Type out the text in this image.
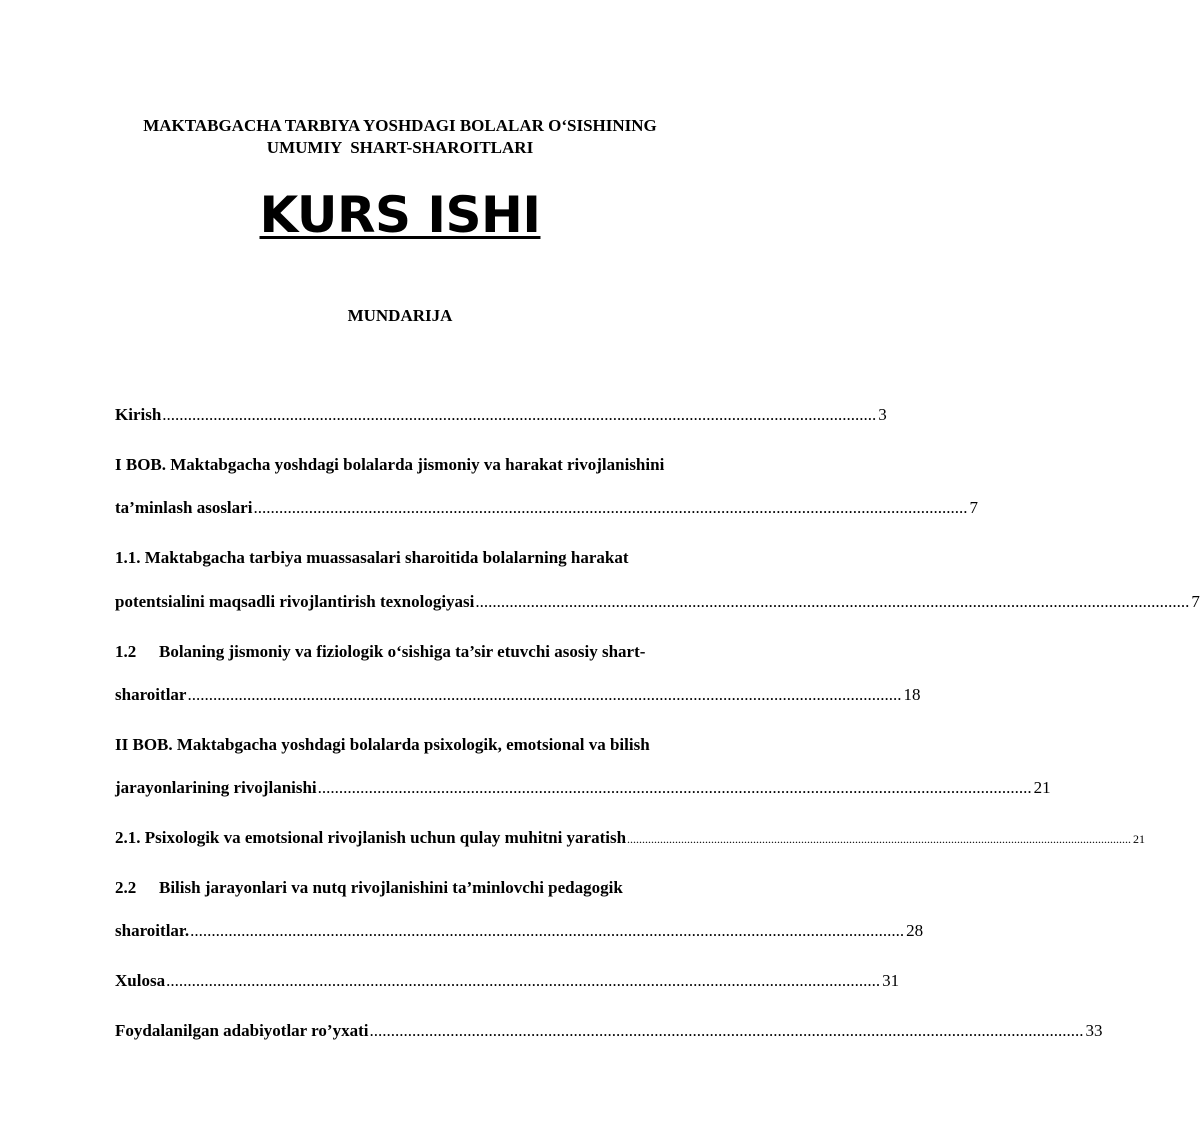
MAKTABGACHA TARBIYA YOSHDAGI BOLALAR O‘SISHINING
UMUMIY  SHART-SHAROITLARI
KURS ISHI
MUNDARIJA
Kirish ........................................................................................................................................................................ 3
I BOB. Maktabgacha yoshdagi bolalarda jismoniy va harakat rivojlanishini
ta’minlash asoslari ........................................................................................................................................................................ 7
1.1. Maktabgacha tarbiya muassasalari sharoitida bolalarning harakat
potentsialini maqsadli rivojlantirish texnologiyasi ........................................................................................................................................................................ 7
1.2 Bolaning jismoniy va fiziologik o‘sishiga ta’sir etuvchi asosiy shart-
sharoitlar ........................................................................................................................................................................ 18
II BOB. Maktabgacha yoshdagi bolalarda psixologik, emotsional va bilish
jarayonlarining rivojlanishi ........................................................................................................................................................................ 21
2.1. Psixologik va emotsional rivojlanish uchun qulay muhitni yaratish ........................................................................................................................................................................ 21
2.2 Bilish jarayonlari va nutq rivojlanishini ta’minlovchi pedagogik
sharoitlar. ........................................................................................................................................................................ 28
Xulosa ........................................................................................................................................................................ 31
Foydalanilgan adabiyotlar ro’yxati ........................................................................................................................................................................ 33
